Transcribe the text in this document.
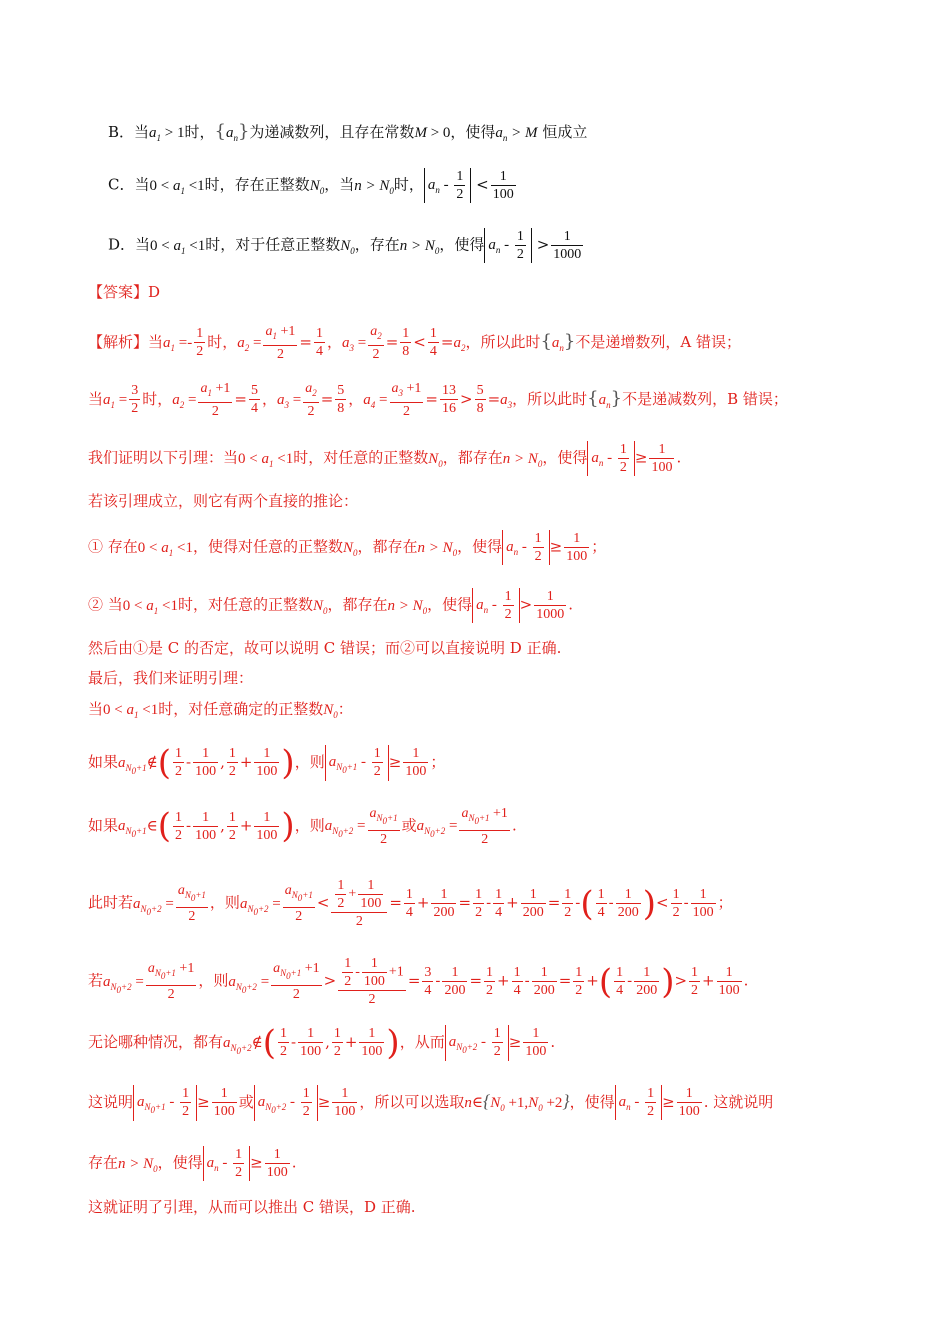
B．当$a_1 > 1$时，$\{a_n\}$为递减数列，且存在常数M > 0，使得$a_n > M$ 恒成立
C．当$0 < a_1 <1$时，存在正整数$N_0$，当$n > N_0$时， $a_n - \frac{1}{2} < \frac{1}{100}$
D．当$0 < a_1 <1$时，对于任意正整数$N_0$，存在$n > N_0$，使得 $a_n - \frac{1}{2} > \frac{1}{1000}$
【答案】D
【解析】当$a_1 =- \frac{1}{2}$ 时，$a_2 = \frac{a_1 +1}{2} = \frac{1}{4}$ ，$a_3 = \frac{a_2}{2} = \frac{1}{8} < \frac{1}{4} =a_2$，所以此时$\{a_n\}$不是递增数列，A 错误；
当$a_1 = \frac{3}{2}$ 时，$a_2 = \frac{a_1 +1}{2} = \frac{5}{4}$ ，$a_3 = \frac{a_2}{2} = \frac{5}{8}$ ，$a_4 = \frac{a_3 +1}{2} = \frac{13}{16} > \frac{5}{8} =a_3$，所以此时$\{a_n\}$不是递减数列，B 错误；
我们证明以下引理：当$0 < a_1 <1$时，对任意的正整数$N_0$，都存在$n > N_0$，使得 $a_n - \frac{1}{2} \ge \frac{1}{100}$ .
若该引理成立，则它有两个直接的推论：
① 存在$0 < a_1 <1$，使得对任意的正整数$N_0$，都存在$n > N_0$，使得 $a_n - \frac{1}{2} \ge \frac{1}{100}$ ；
② 当$0 < a_1 <1$时，对任意的正整数$N_0$，都存在$n > N_0$，使得 $a_n - \frac{1}{2} > \frac{1}{1000}$ .
然后由①是 C 的否定，故可以说明 C 错误；而②可以直接说明 D 正确.
最后，我们来证明引理：
当$0 < a_1 <1$时，对任意确定的正整数$N_0$：
如果$a_{N_0+1}\notin( \frac{1}{2} - \frac{1}{100}$ , $\frac{1}{2} + \frac{1}{100}$ )，则 $a_{N_0+1} - \frac{1}{2} \ge \frac{1}{100}$ ；
如果$a_{N_0+1}\in( \frac{1}{2} - \frac{1}{100}$ , $\frac{1}{2} + \frac{1}{100}$ )，则$a_{N_0+2} = \frac{a_{N_0+1}}{2}$ 或$a_{N_0+2} = \frac{a_{N_0+1} +1}{2}$ .
此时若$a_{N_0+2} = \frac{a_{N_0+1}}{2}$ ，则$a_{N_0+2} = \frac{a_{N_0+1}}{2} < \frac{\frac{1}{2} + \frac{1}{100}}{2} = \frac{1}{4} + \frac{1}{200} = \frac{1}{2} - \frac{1}{4} + \frac{1}{200} = \frac{1}{2}$ -( $\frac{1}{4} - \frac{1}{200}$ )< $\frac{1}{2} - \frac{1}{100}$ ；
若$a_{N_0+2} = \frac{a_{N_0+1} +1}{2}$ ，则$a_{N_0+2} = \frac{a_{N_0+1} +1}{2} > \frac{\frac{1}{2} - \frac{1}{100} +1}{2} = \frac{3}{4} - \frac{1}{200} = \frac{1}{2} + \frac{1}{4} - \frac{1}{200} = \frac{1}{2}$ +( $\frac{1}{4} - \frac{1}{200}$ )> $\frac{1}{2} + \frac{1}{100}$ .
无论哪种情况，都有$a_{N_0+2}\notin( \frac{1}{2} - \frac{1}{100}$ , $\frac{1}{2} + \frac{1}{100}$ )，从而 $a_{N_0+2} - \frac{1}{2} \ge \frac{1}{100}$ .
这说明 $a_{N_0+1} - \frac{1}{2} \ge \frac{1}{100}$ 或 $a_{N_0+2} - \frac{1}{2} \ge \frac{1}{100}$ ，所以可以选取$n\in\{N_0 +1,N_0 +2\}$，使得 $a_n - \frac{1}{2} \ge \frac{1}{100}$ . 这就说明
存在$n > N_0$，使得 $a_n - \frac{1}{2} \ge \frac{1}{100}$ .
这就证明了引理，从而可以推出 C 错误，D 正确.
